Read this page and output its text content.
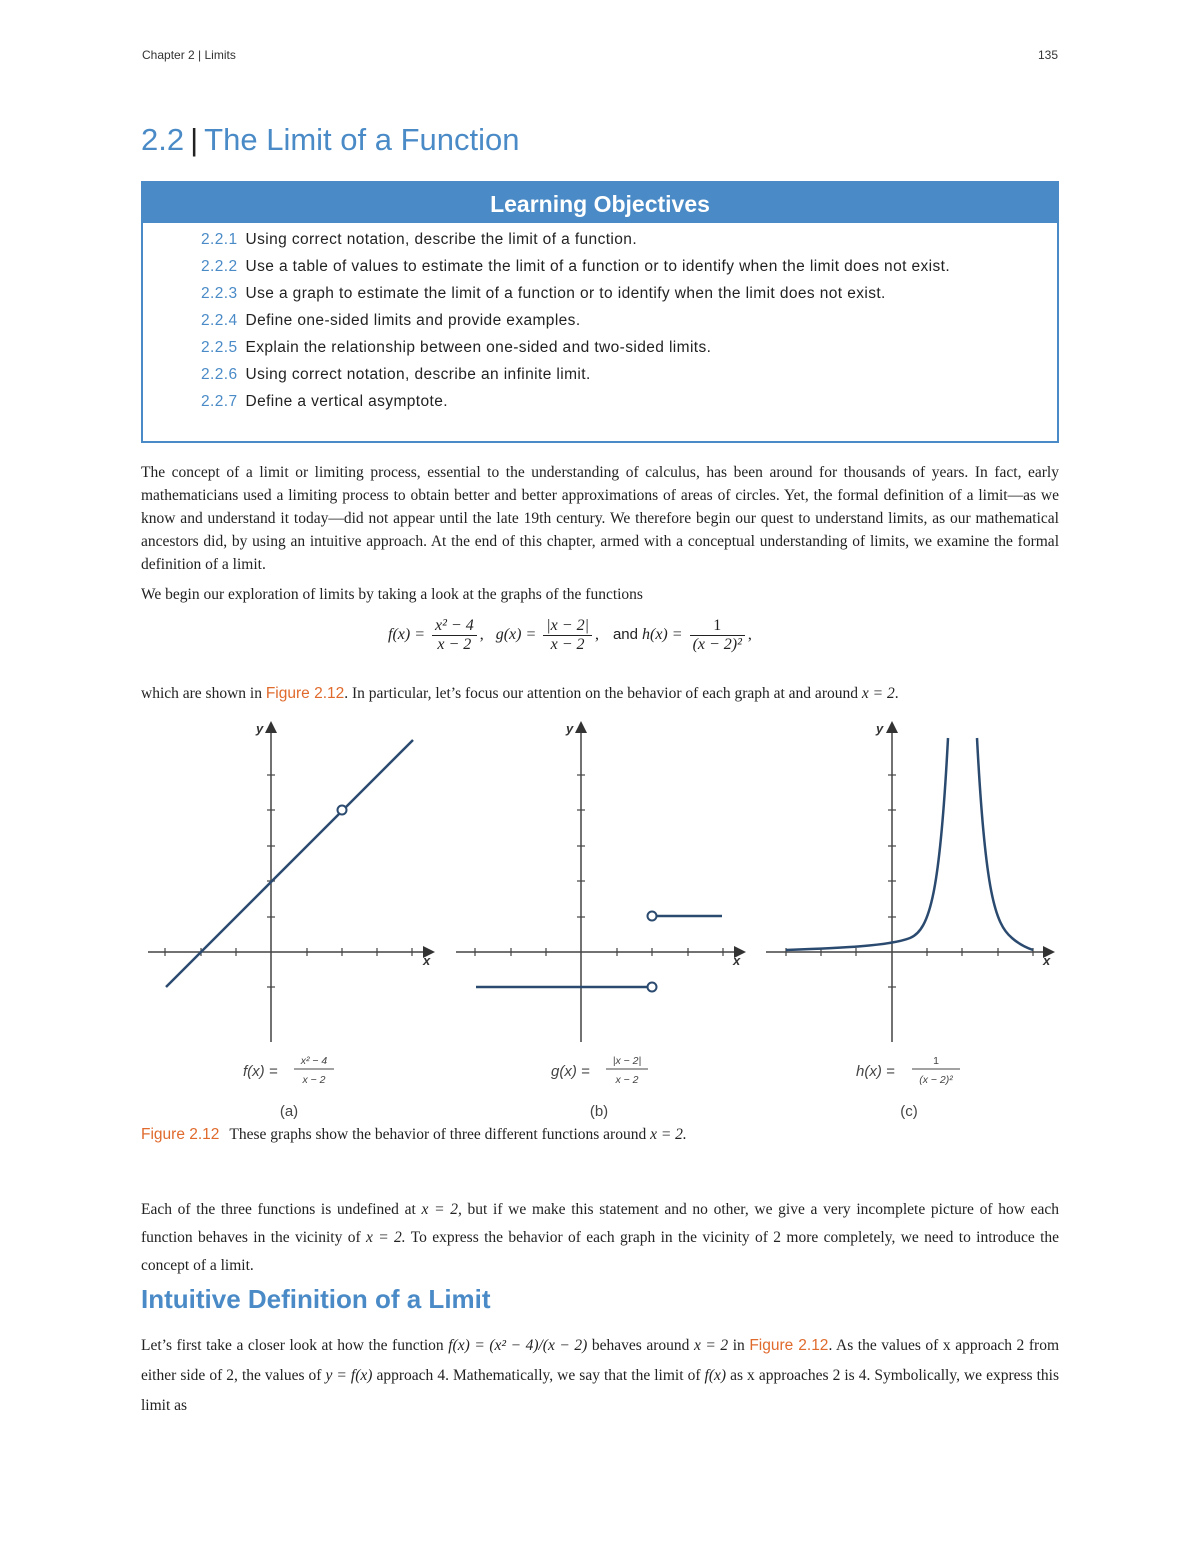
Chapter 2 | Limits	135
2.2 | The Limit of a Function
Learning Objectives
2.2.1 Using correct notation, describe the limit of a function.
2.2.2 Use a table of values to estimate the limit of a function or to identify when the limit does not exist.
2.2.3 Use a graph to estimate the limit of a function or to identify when the limit does not exist.
2.2.4 Define one-sided limits and provide examples.
2.2.5 Explain the relationship between one-sided and two-sided limits.
2.2.6 Using correct notation, describe an infinite limit.
2.2.7 Define a vertical asymptote.

The concept of a limit or limiting process, essential to the understanding of calculus, has been around for thousands of years. In fact, early mathematicians used a limiting process to obtain better and better approximations of areas of circles. Yet, the formal definition of a limit—as we know and understand it today—did not appear until the late 19th century. We therefore begin our quest to understand limits, as our mathematical ancestors did, by using an intuitive approach. At the end of this chapter, armed with a conceptual understanding of limits, we examine the formal definition of a limit.

We begin our exploration of limits by taking a look at the graphs of the functions

$f(x) = \frac{\text{x² − 4}}{x - 2}$ , $g(x) = \frac{|x - 2|}{x - 2}$ , and $h(x) = \frac{1}{\text{(x − 2)²}}$ ,

which are shown in Figure 2.12. In particular, let’s focus our attention on the behavior of each graph at and around x = 2.

x
y
f(x) =
x² − 4
x − 2
(a)
x
y
g(x) =
|x − 2|
x − 2
(b)
x
y
h(x) =
1
(x − 2)²
(c)
Figure 2.12 These graphs show the behavior of three different functions around x = 2.

Each of the three functions is undefined at x = 2, but if we make this statement and no other, we give a very incomplete picture of how each function behaves in the vicinity of x = 2. To express the behavior of each graph in the vicinity of 2 more completely, we need to introduce the concept of a limit.

Intuitive Definition of a Limit

Let’s first take a closer look at how the function f(x) = (x² − 4)/(x − 2) behaves around x = 2 in Figure 2.12. As the values of x approach 2 from either side of 2, the values of y = f(x) approach 4. Mathematically, we say that the limit of f(x) as x approaches 2 is 4. Symbolically, we express this limit as
